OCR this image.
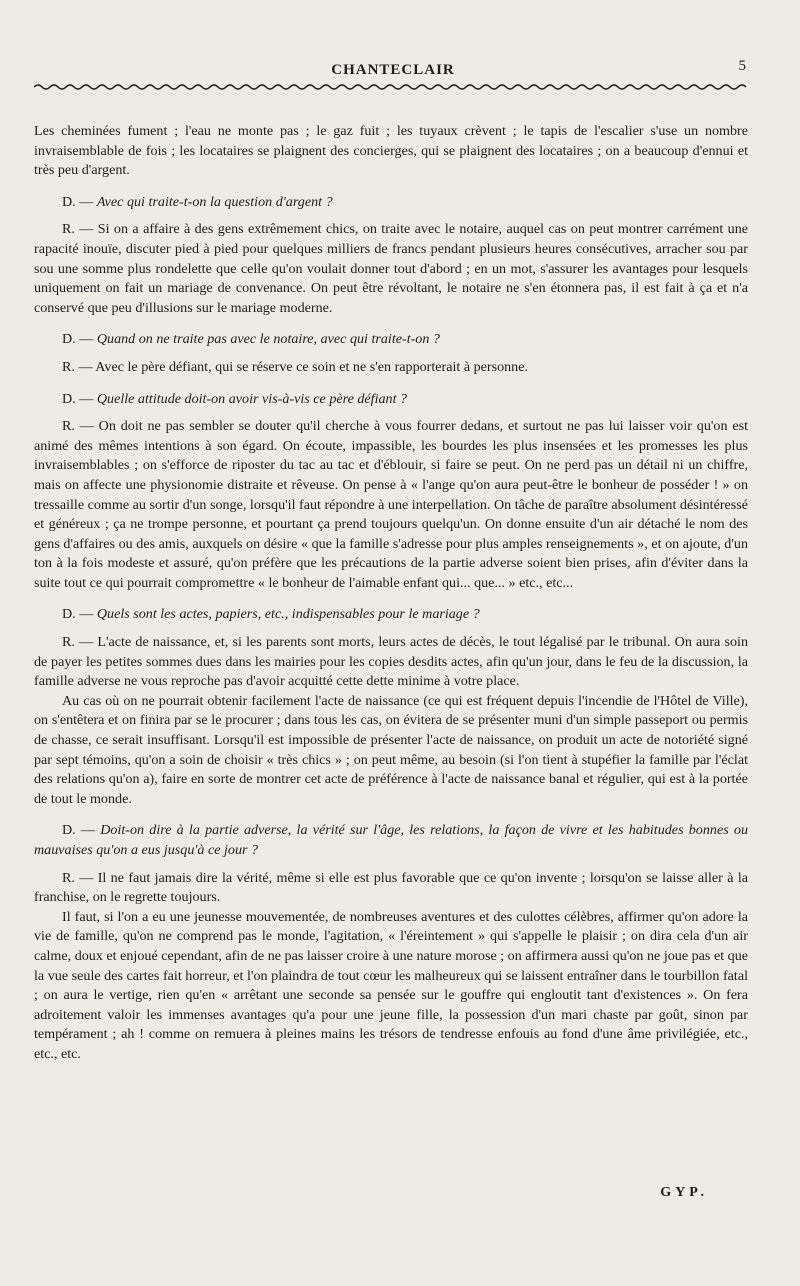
CHANTECLAIR	5

Les cheminées fument ; l'eau ne monte pas ; le gaz fuit ; les tuyaux crèvent ; le tapis de l'escalier s'use un nombre invraisemblable de fois ; les locataires se plaignent des concierges, qui se plaignent des locataires ; on a beaucoup d'ennui et très peu d'argent.

D. — Avec qui traite-t-on la question d'argent ?

R. — Si on a affaire à des gens extrêmement chics, on traite avec le notaire, auquel cas on peut montrer carrément une rapacité inouïe, discuter pied à pied pour quelques milliers de francs pendant plusieurs heures consécutives, arracher sou par sou une somme plus rondelette que celle qu'on voulait donner tout d'abord ; en un mot, s'assurer les avantages pour lesquels uniquement on fait un mariage de convenance. On peut être révoltant, le notaire ne s'en étonnera pas, il est fait à ça et n'a conservé que peu d'illusions sur le mariage moderne.

D. — Quand on ne traite pas avec le notaire, avec qui traite-t-on ?

R. — Avec le père défiant, qui se réserve ce soin et ne s'en rapporterait à personne.

D. — Quelle attitude doit-on avoir vis-à-vis ce père défiant ?

R. — On doit ne pas sembler se douter qu'il cherche à vous fourrer dedans, et surtout ne pas lui laisser voir qu'on est animé des mêmes intentions à son égard. On écoute, impassible, les bourdes les plus insensées et les promesses les plus invraisemblables ; on s'efforce de riposter du tac au tac et d'éblouir, si faire se peut. On ne perd pas un détail ni un chiffre, mais on affecte une physionomie distraite et rêveuse. On pense à « l'ange qu'on aura peut-être le bonheur de posséder ! » on tressaille comme au sortir d'un songe, lorsqu'il faut répondre à une interpellation. On tâche de paraître absolument désintéressé et généreux ; ça ne trompe personne, et pourtant ça prend toujours quelqu'un. On donne ensuite d'un air détaché le nom des gens d'affaires ou des amis, auxquels on désire « que la famille s'adresse pour plus amples renseignements », et on ajoute, d'un ton à la fois modeste et assuré, qu'on préfère que les précautions de la partie adverse soient bien prises, afin d'éviter dans la suite tout ce qui pourrait compromettre « le bonheur de l'aimable enfant qui... que... » etc., etc...

D. — Quels sont les actes, papiers, etc., indispensables pour le mariage ?

R. — L'acte de naissance, et, si les parents sont morts, leurs actes de décès, le tout légalisé par le tribunal. On aura soin de payer les petites sommes dues dans les mairies pour les copies desdits actes, afin qu'un jour, dans le feu de la discussion, la famille adverse ne vous reproche pas d'avoir acquitté cette dette minime à votre place.

Au cas où on ne pourrait obtenir facilement l'acte de naissance (ce qui est fréquent depuis l'incendie de l'Hôtel de Ville), on s'entêtera et on finira par se le procurer ; dans tous les cas, on évitera de se présenter muni d'un simple passeport ou permis de chasse, ce serait insuffisant. Lorsqu'il est impossible de présenter l'acte de naissance, on produit un acte de notoriété signé par sept témoins, qu'on a soin de choisir « très chics » ; on peut même, au besoin (si l'on tient à stupéfier la famille par l'éclat des relations qu'on a), faire en sorte de montrer cet acte de préférence à l'acte de naissance banal et régulier, qui est à la portée de tout le monde.

D. — Doit-on dire à la partie adverse, la vérité sur l'âge, les relations, la façon de vivre et les habitudes bonnes ou mauvaises qu'on a eus jusqu'à ce jour ?

R. — Il ne faut jamais dire la vérité, même si elle est plus favorable que ce qu'on invente ; lorsqu'on se laisse aller à la franchise, on le regrette toujours.

Il faut, si l'on a eu une jeunesse mouvementée, de nombreuses aventures et des culottes célèbres, affirmer qu'on adore la vie de famille, qu'on ne comprend pas le monde, l'agitation, « l'éreintement » qui s'appelle le plaisir ; on dira cela d'un air calme, doux et enjoué cependant, afin de ne pas laisser croire à une nature morose ; on affirmera aussi qu'on ne joue pas et que la vue seule des cartes fait horreur, et l'on plaindra de tout cœur les malheureux qui se laissent entraîner dans le tourbillon fatal ; on aura le vertige, rien qu'en « arrêtant une seconde sa pensée sur le gouffre qui engloutit tant d'existences ». On fera adroitement valoir les immenses avantages qu'a pour une jeune fille, la possession d'un mari chaste par goût, sinon par tempérament ; ah ! comme on remuera à pleines mains les trésors de tendresse enfouis au fond d'une âme privilégiée, etc., etc., etc.

GYP.
